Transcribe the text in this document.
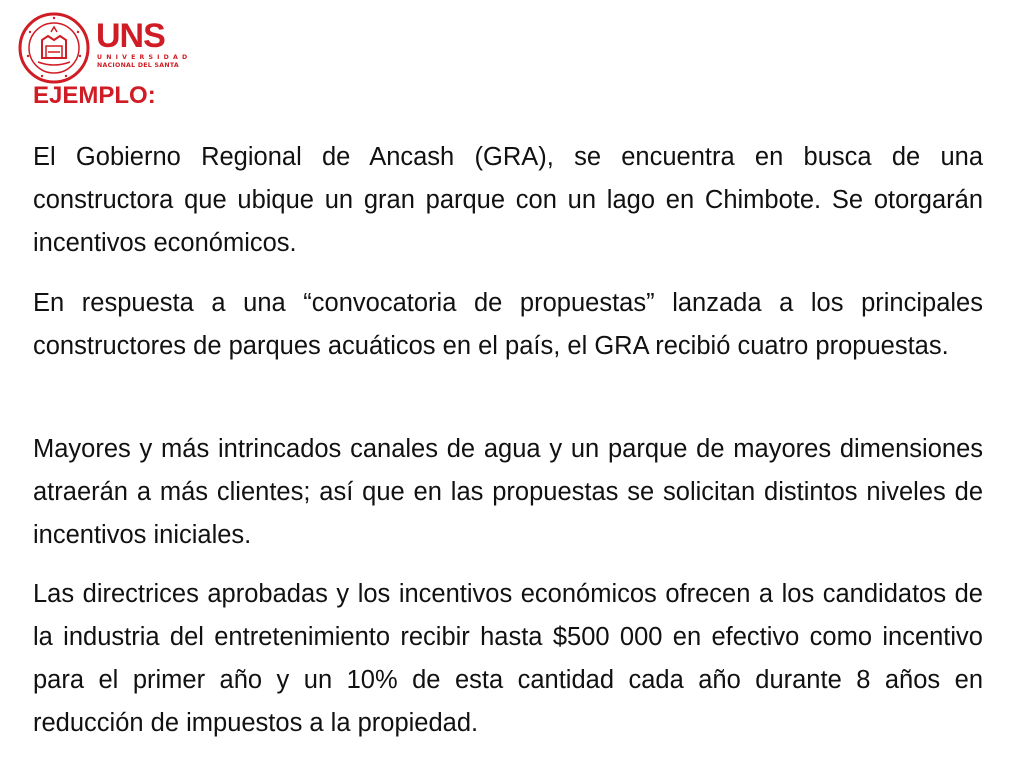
UNS
UNIVERSIDAD
NACIONAL DEL SANTA
EJEMPLO:

El Gobierno Regional de Ancash (GRA), se encuentra en busca de una constructora que ubique un gran parque con un lago en Chimbote. Se otorgarán incentivos económicos.

En respuesta a una “convocatoria de propuestas” lanzada a los principales constructores de parques acuáticos en el país, el GRA recibió cuatro propuestas.

Mayores y más intrincados canales de agua y un parque de mayores dimensiones atraerán a más clientes; así que en las propuestas se solicitan distintos niveles de incentivos iniciales.

Las directrices aprobadas y los incentivos económicos ofrecen a los candidatos de la industria del entretenimiento recibir hasta $500 000 en efectivo como incentivo para el primer año y un 10% de esta cantidad cada año durante 8 años en reducción de impuestos a la propiedad.
